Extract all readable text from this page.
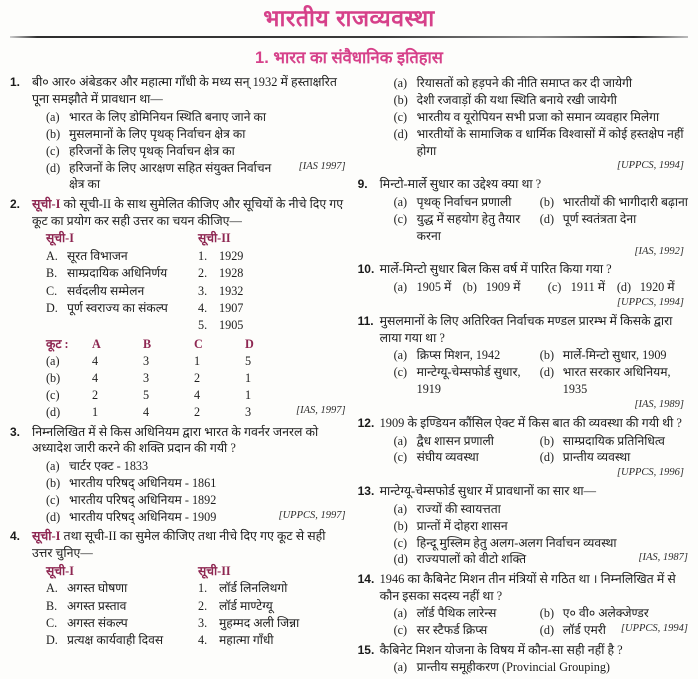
भारतीय राजव्यवस्था
1. भारत का संवैधानिक इतिहास
1. बी० आर० अंबेडकर और महात्मा गाँधी के मध्य सन् 1932 में हस्ताक्षरित पूना समझौते में प्रावधान था—
(a) भारत के लिए डोमिनियन स्थिति बनाए जाने का
(b) मुसलमानों के लिए पृथक् निर्वाचन क्षेत्र का
(c) हरिजनों के लिए पृथक् निर्वाचन क्षेत्र का
(d) हरिजनों के लिए आरक्षण सहित संयुक्त निर्वाचन क्षेत्र का
[IAS 1997]
2. सूची-I को सूची-II के साथ सुमेलित कीजिए और सूचियों के नीचे दिए गए कूट का प्रयोग कर सही उत्तर का चयन कीजिए—
सूची-I	सूची-II
A. सूरत विभाजन	1. 1929
B. साम्प्रदायिक अधिनिर्णय	2. 1928
C. सर्वदलीय सम्मेलन	3. 1932
D. पूर्ण स्वराज्य का संकल्प 4. 1907
5. 1905
कूट :	A	B	C	D
(a)	4	3	1	5
(b)	4	3	2	1
(c)	2	5	4	1
(d)	1	4	2	3	[IAS, 1997]
3. निम्नलिखित में से किस अधिनियम द्वारा भारत के गवर्नर जनरल को अध्यादेश जारी करने की शक्ति प्रदान की गयी ?
(a) चार्टर एक्ट - 1833
(b) भारतीय परिषद् अधिनियम - 1861
(c) भारतीय परिषद् अधिनियम - 1892
(d) भारतीय परिषद् अधिनियम - 1909	[UPPCS, 1997]
4. सूची-I तथा सूची-II का सुमेल कीजिए तथा नीचे दिए गए कूट से सही उत्तर चुनिए—
सूची-I	सूची-II
A. अगस्त घोषणा	1. लॉर्ड लिनलिथगो
B. अगस्त प्रस्ताव	2. लॉर्ड माण्टेग्यू
C. अगस्त संकल्प	3. मुहम्मद अली जिन्ना
D. प्रत्यक्ष कार्यवाही दिवस	4. महात्मा गाँधी
(a) रियासतों को हड़पने की नीति समाप्त कर दी जायेगी
(b) देशी रजवाड़ों की यथा स्थिति बनाये रखी जायेगी
(c) भारतीय व यूरोपियन सभी प्रजा को समान व्यवहार मिलेगा
(d) भारतीयों के सामाजिक व धार्मिक विश्वासों में कोई हस्तक्षेप नहीं होगा
[UPPCS, 1994]
9. मिन्टो-मार्ले सुधार का उद्देश्य क्या था ?
(a) पृथक् निर्वाचन प्रणाली	(b) भारतीयों की भागीदारी बढ़ाना
(c) युद्ध में सहयोग हेतु तैयार करना
(d) पूर्ण स्वतंत्रता देना
[IAS, 1992]
10. मार्ले-मिन्टो सुधार बिल किस वर्ष में पारित किया गया ?
(a) 1905 में (b) 1909 में	(c) 1911 में (d) 1920 में
[UPPCS, 1994]
11. मुसलमानों के लिए अतिरिक्त निर्वाचक मण्डल प्रारम्भ में किसके द्वारा लाया गया था ?
(a) क्रिप्स मिशन, 1942	(b) मार्ले-मिन्टो सुधार, 1909
(c) मान्टेग्यू-चेम्सफोर्ड सुधार, 1919
(d) भारत सरकार अधिनियम, 1935
[IAS, 1989]
12. 1909 के इण्डियन कौंसिल ऐक्ट में किस बात की व्यवस्था की गयी थी ?
(a) द्वैध शासन प्रणाली	(b) साम्प्रदायिक प्रतिनिधित्व
(c) संघीय व्यवस्था	(d) प्रान्तीय व्यवस्था
[UPPCS, 1996]
13. मान्टेग्यू-चेम्सफोर्ड सुधार में प्रावधानों का सार था—
(a) राज्यों की स्वायत्तता
(b) प्रान्तों में दोहरा शासन
(c) हिन्दू मुस्लिम हेतु अलग-अलग निर्वाचन व्यवस्था
(d) राज्यपालों को वीटो शक्ति	[IAS, 1987]
14. 1946 का कैबिनेट मिशन तीन मंत्रियों से गठित था । निम्नलिखित में से कौन इसका सदस्य नहीं था ?
(a) लॉर्ड पैथिक लारेन्स	(b) ए० वी० अलेक्जेण्डर
(c) सर स्टैफर्ड क्रिप्स	(d) लॉर्ड एमरी	[UPPCS, 1994]
15. कैबिनेट मिशन योजना के विषय में कौन-सा सही नहीं है ?
(a) प्रान्तीय समूहीकरण (Provincial Grouping)
